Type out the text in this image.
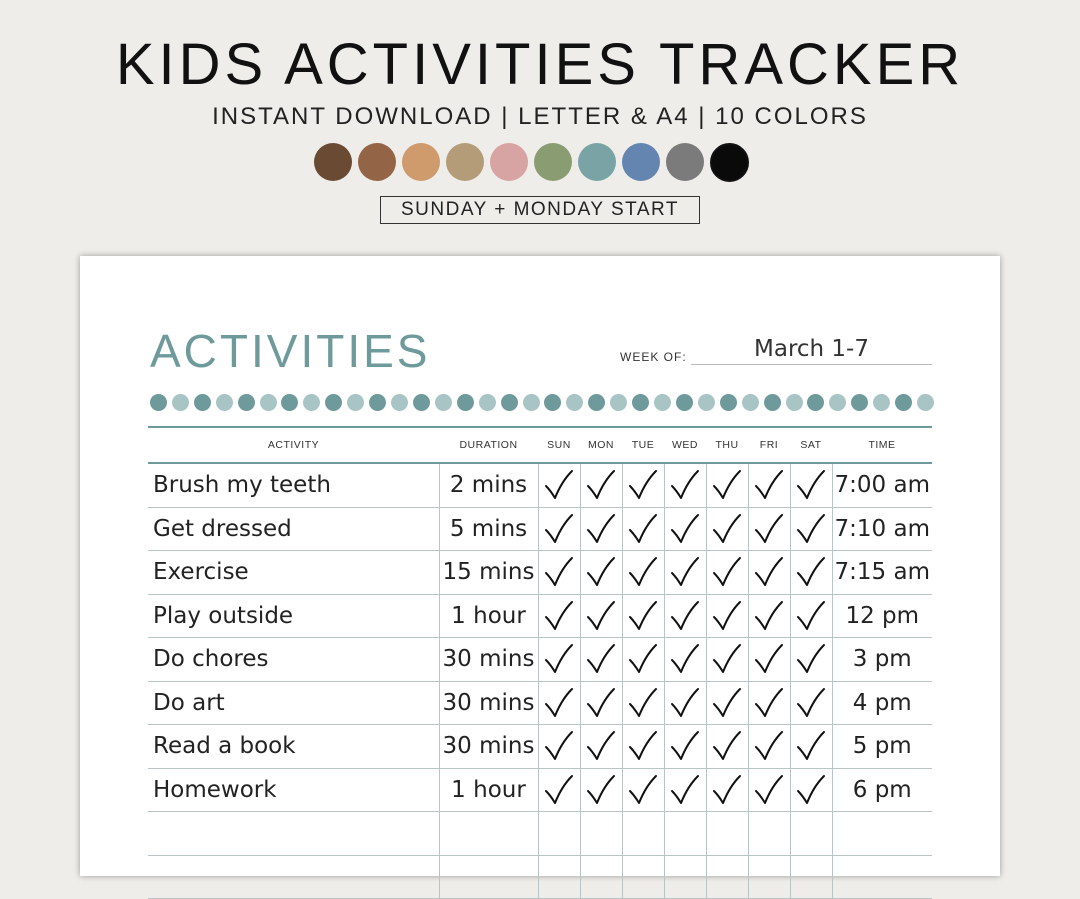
KIDS ACTIVITIES TRACKER
INSTANT DOWNLOAD | LETTER & A4 | 10 COLORS
SUNDAY + MONDAY START
ACTIVITIES	WEEK OF:	March 1-7
ACTIVITY	DURATION	SUN	MON	TUE	WED	THU	FRI	SAT	TIME
Brush my teeth	2 mins								7:00 am
Get dressed	5 mins								7:10 am
Exercise	15 mins								7:15 am
Play outside	1 hour								12 pm
Do chores	30 mins								3 pm
Do art	30 mins								4 pm
Read a book	30 mins								5 pm
Homework	1 hour								6 pm
